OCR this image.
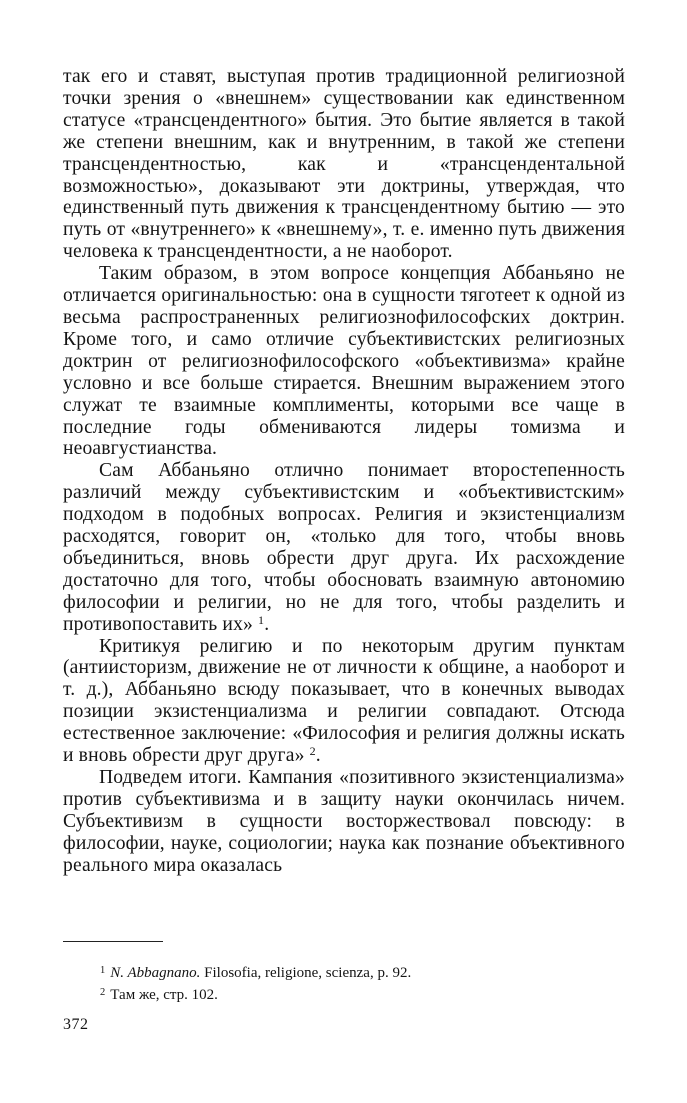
так его и ставят, выступая против традиционной религиозной точки зрения о «внешнем» существовании как единственном статусе «трансцендентного» бытия. Это бытие является в такой же степени внешним, как и внутренним, в такой же степени трансцендентностью, как и «трансцендентальной возможностью», доказывают эти доктрины, утверждая, что единственный путь движения к трансцендентному бытию — это путь от «внутреннего» к «внешнему», т. е. именно путь движения человека к трансцендентности, а не наоборот.

Таким образом, в этом вопросе концепция Аббаньяно не отличается оригинальностью: она в сущности тяготеет к одной из весьма распространенных религиознофилософских доктрин. Кроме того, и само отличие субъективистских религиозных доктрин от религиознофилософского «объективизма» крайне условно и все больше стирается. Внешним выражением этого служат те взаимные комплименты, которыми все чаще в последние годы обмениваются лидеры томизма и неоавгустианства.

Сам Аббаньяно отлично понимает второстепенность различий между субъективистским и «объективистским» подходом в подобных вопросах. Религия и экзистенциализм расходятся, говорит он, «только для того, чтобы вновь объединиться, вновь обрести друг друга. Их расхождение достаточно для того, чтобы обосновать взаимную автономию философии и религии, но не для того, чтобы разделить и противопоставить их» $^1$.

Критикуя религию и по некоторым другим пунктам (антиисторизм, движение не от личности к общине, а наоборот и т. д.), Аббаньяно всюду показывает, что в конечных выводах позиции экзистенциализма и религии совпадают. Отсюда естественное заключение: «Философия и религия должны искать и вновь обрести друг друга» $^2$.

Подведем итоги. Кампания «позитивного экзистенциализма» против субъективизма и в защиту науки окончилась ничем. Субъективизм в сущности восторжествовал повсюду: в философии, науке, социологии; наука как познание объективного реального мира оказалась

$^1$ N. Abbagnano. Filosofia, religione, scienza, p. 92.

$^2$ Там же, стр. 102.

372
